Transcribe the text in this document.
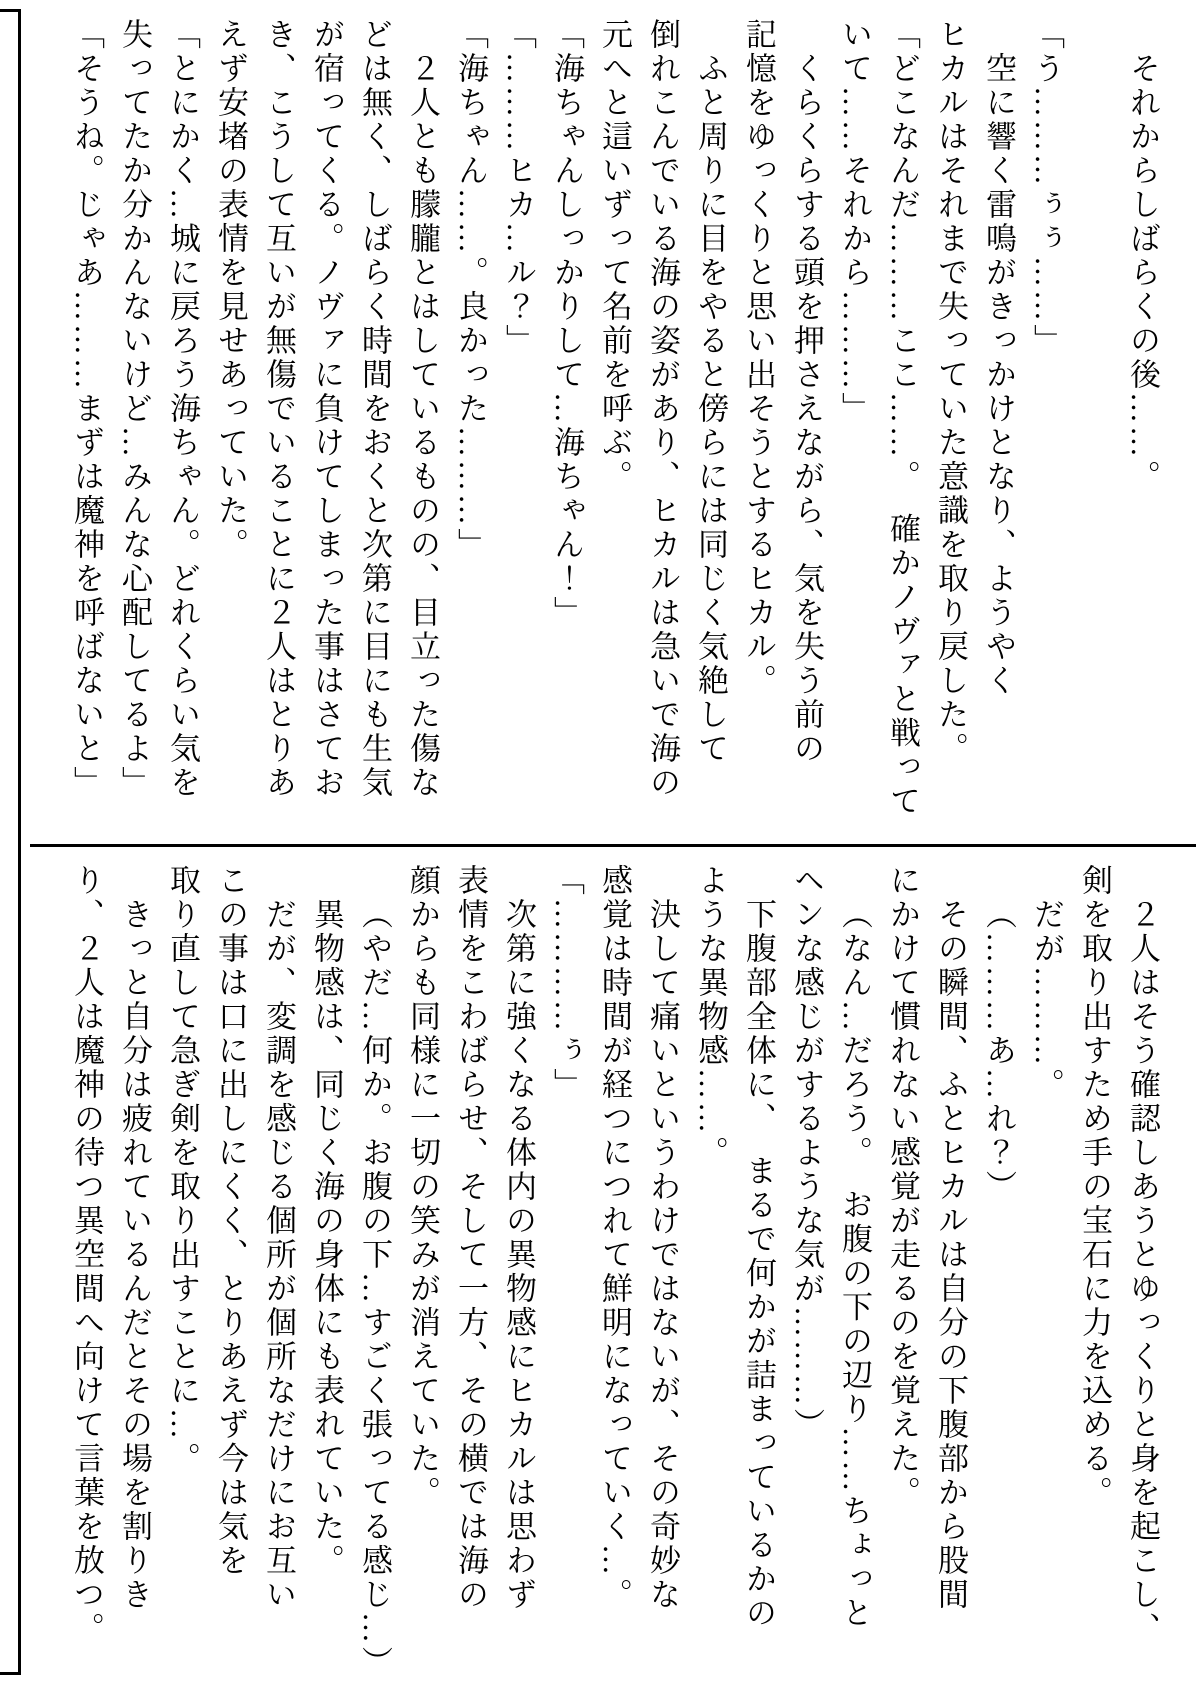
それからしばらくの後……。

「う………ぅぅ……」
空に響く雷鳴がきっかけとなり、ようやく
ヒカルはそれまで失っていた意識を取り戻した。
「どこなんだ………ここ……。　確かノヴァと戦って
いて……それから………」
くらくらする頭を押さえながら、気を失う前の
記憶をゆっくりと思い出そうとするヒカル。
ふと周りに目をやると傍らには同じく気絶して
倒れこんでいる海の姿があり、ヒカルは急いで海の
元へと這いずって名前を呼ぶ。
「海ちゃんしっかりして…海ちゃん！」
「………ヒカ…ル？」
「海ちゃん……。良かった………」
２人とも朦朧とはしているものの、目立った傷な
どは無く、しばらく時間をおくと次第に目にも生気
が宿ってくる。ノヴァに負けてしまった事はさてお
き、こうして互いが無傷でいることに２人はとりあ
えず安堵の表情を見せあっていた。
「とにかく…城に戻ろう海ちゃん。どれくらい気を
失ってたか分かんないけど…みんな心配してるよ」
「そうね。じゃあ………まずは魔神を呼ばないと」
２人はそう確認しあうとゆっくりと身を起こし、
剣を取り出すため手の宝石に力を込める。
だが………。
（………あ…れ？）
その瞬間、ふとヒカルは自分の下腹部から股間
にかけて慣れない感覚が走るのを覚えた。
（なん…だろう。　お腹の下の辺り……ちょっと
ヘンな感じがするような気が………）
下腹部全体に、　まるで何かが詰まっているかの
ような異物感……。
決して痛いというわけではないが、その奇妙な
感覚は時間が経つにつれて鮮明になっていく…。
「…………ぅ」
次第に強くなる体内の異物感にヒカルは思わず
表情をこわばらせ、そして一方、その横では海の
顔からも同様に一切の笑みが消えていた。
（やだ…何か。お腹の下…すごく張ってる感じ…）
異物感は、同じく海の身体にも表れていた。
だが、変調を感じる個所が個所なだけにお互い
この事は口に出しにくく、とりあえず今は気を
取り直して急ぎ剣を取り出すことに…。
きっと自分は疲れているんだとその場を割りき
り、２人は魔神の待つ異空間へ向けて言葉を放つ。
